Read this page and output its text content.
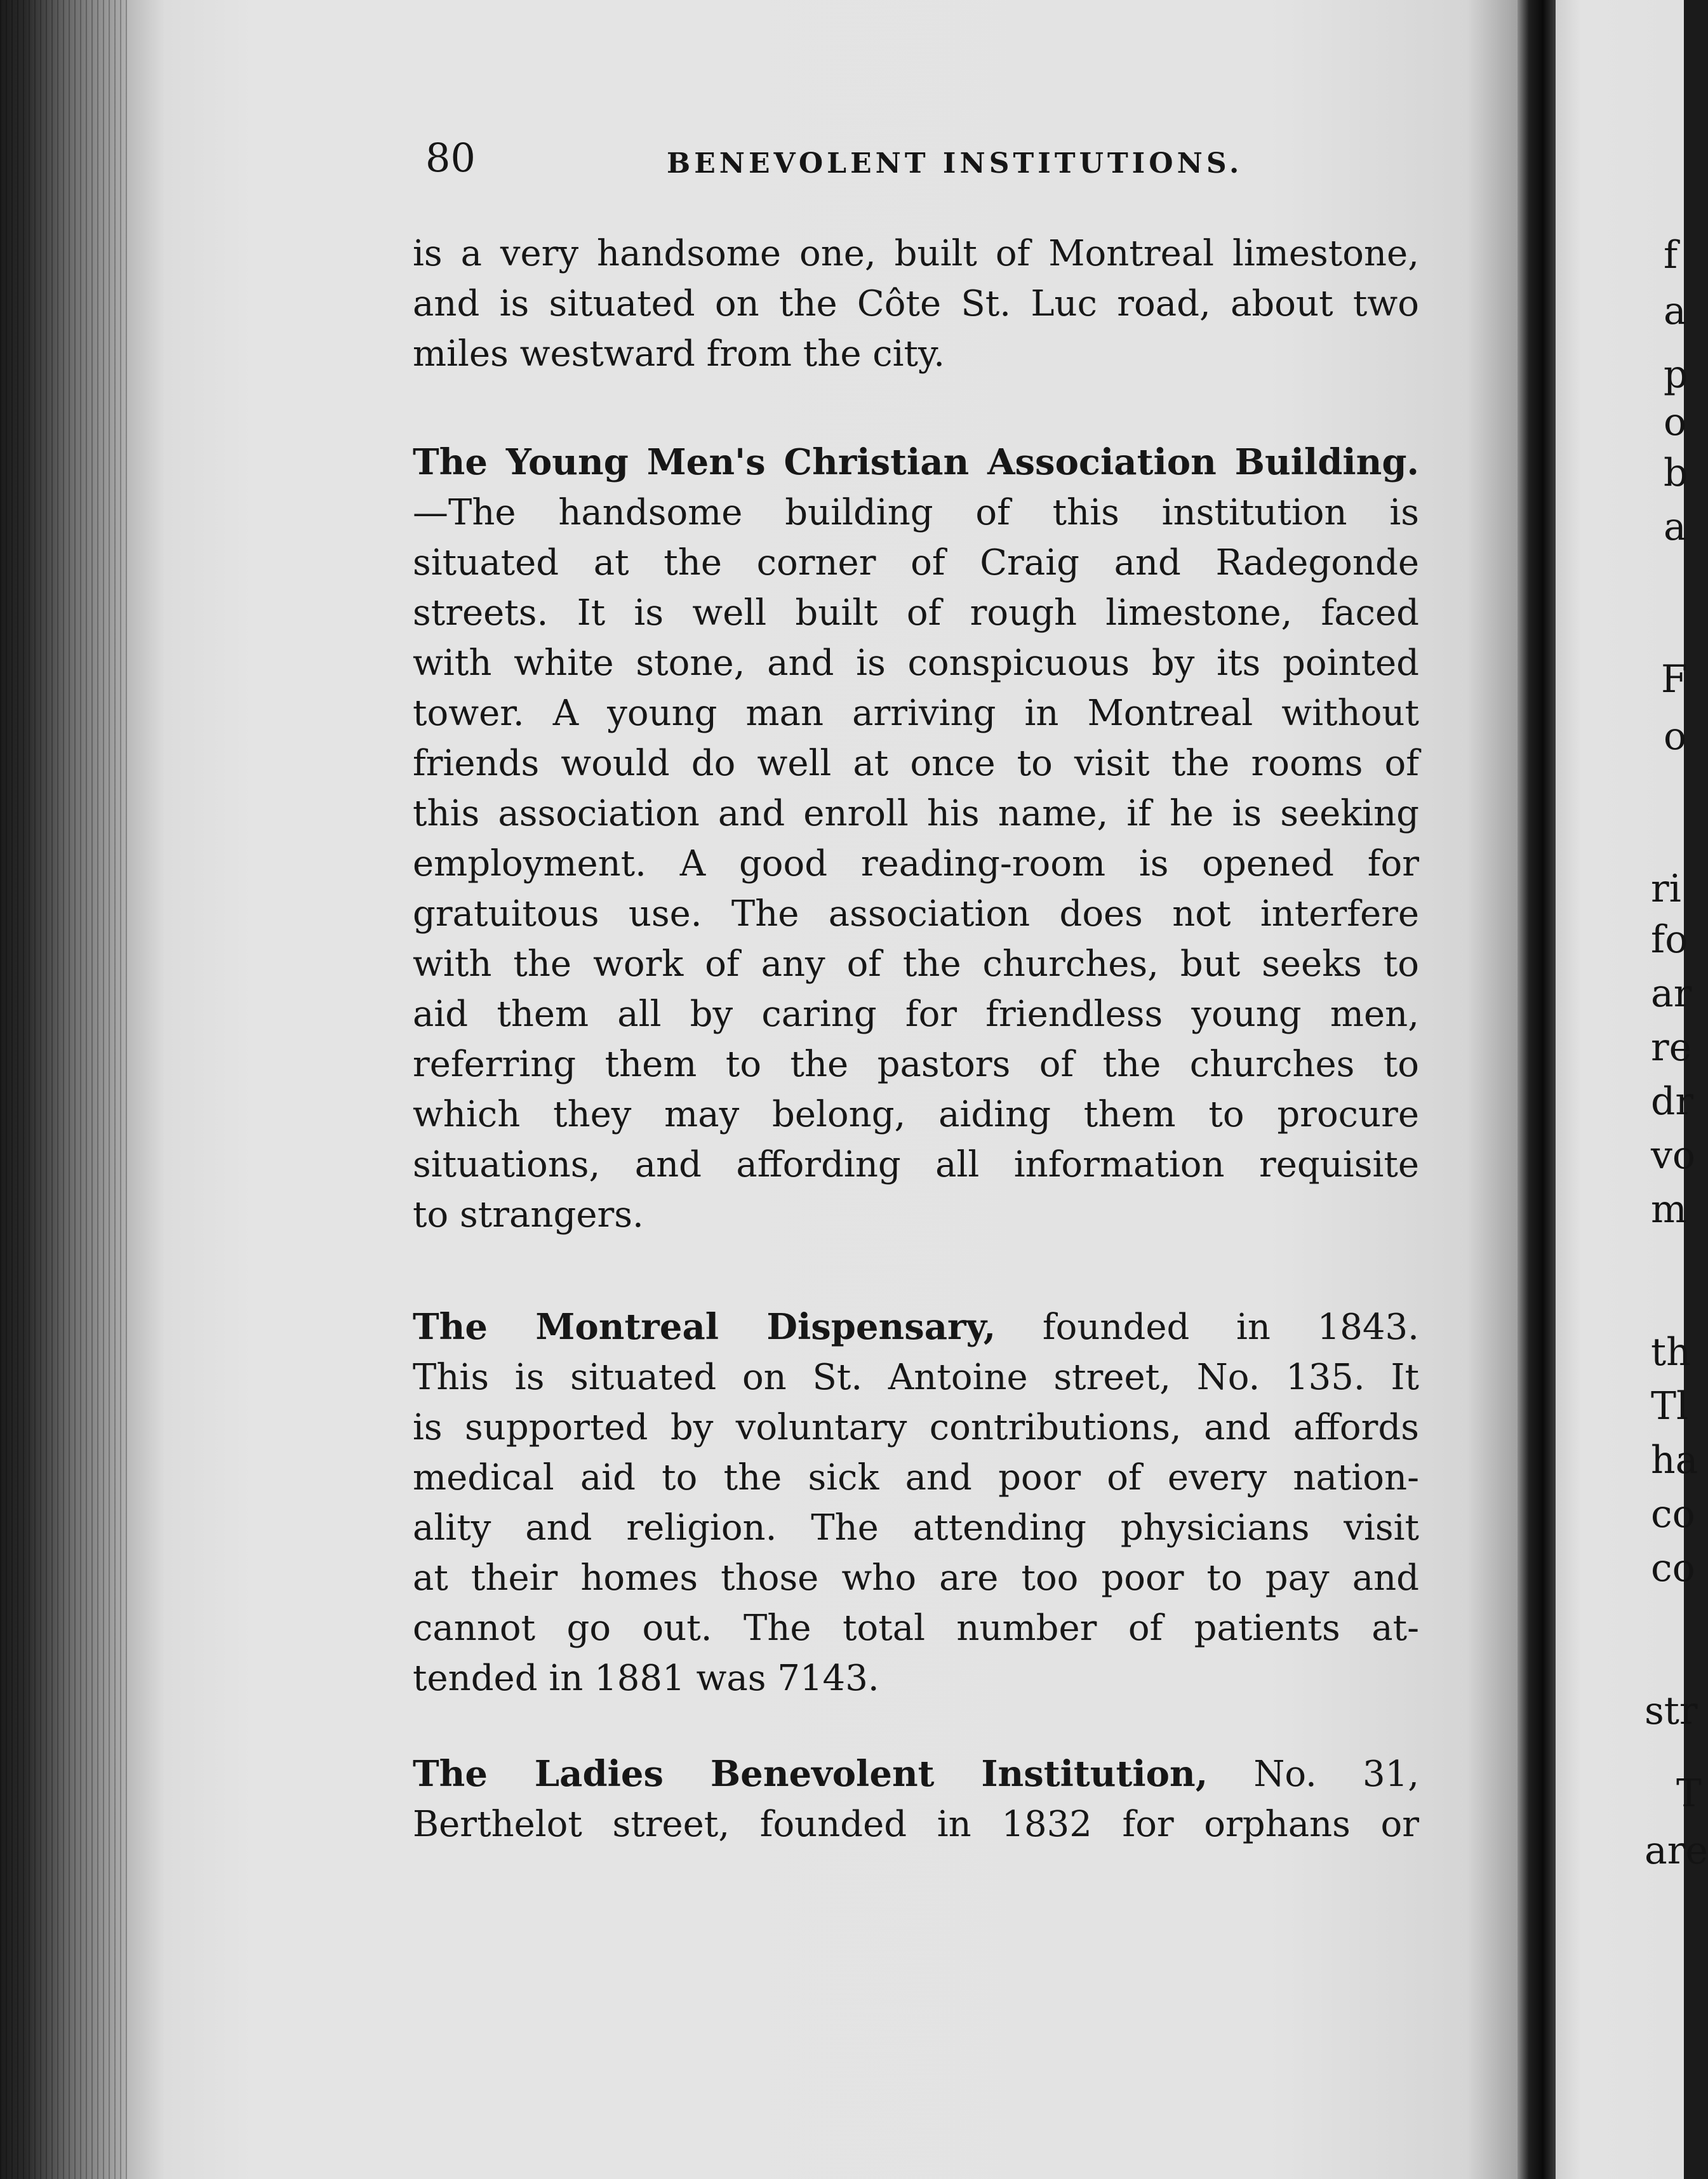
80	BENEVOLENT INSTITUTIONS.
is a very handsome one, built of Montreal limestone,
and is situated on the Côte St. Luc road, about two
miles westward from the city.
The Young Men's Christian Association Building.
—The handsome building of this institution is
situated at the corner of Craig and Radegonde
streets. It is well built of rough limestone, faced
with white stone, and is conspicuous by its pointed
tower. A young man arriving in Montreal without
friends would do well at once to visit the rooms of
this association and enroll his name, if he is seeking
employment. A good reading-room is opened for
gratuitous use. The association does not interfere
with the work of any of the churches, but seeks to
aid them all by caring for friendless young men,
referring them to the pastors of the churches to
which they may belong, aiding them to procure
situations, and affording all information requisite
to strangers.
The Montreal Dispensary, founded in 1843.
This is situated on St. Antoine street, No. 135. It
is supported by voluntary contributions, and affords
medical aid to the sick and poor of every nation-
ality and religion. The attending physicians visit
at their homes those who are too poor to pay and
cannot go out. The total number of patients at-
tended in 1881 was 7143.
The Ladies Benevolent Institution, No. 31,
Berthelot street, founded in 1832 for orphans or
f
a
p
o
b
a
F
o
ri
fo
ar
re
dr
vo
m
th
Tl
ha
co
co
str
T
are
